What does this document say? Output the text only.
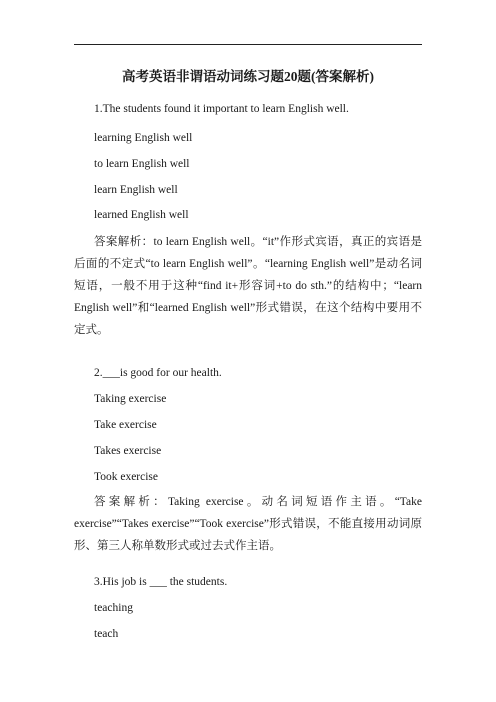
高考英语非谓语动词练习题20题(答案解析)
1.The students found it important to learn English well.
learning English well
to learn English well
learn English well
learned English well
答案解析：to learn English well。“it”作形式宾语，真正的宾语是
后面的不定式“to learn English well”。“learning English well”是动名词
短语，一般不用于这种“find it+形容词+to do sth.”的结构中；“learn
English well”和“learned English well”形式错误，在这个结构中要用不
定式。
2.___is good for our health.
Taking exercise
Take exercise
Takes exercise
Took exercise
答案解析：Taking exercise。动名词短语作主语。“Take
exercise”“Takes exercise”“Took exercise”形式错误，不能直接用动词原
形、第三人称单数形式或过去式作主语。
3.His job is ___ the students.
teaching
teach
